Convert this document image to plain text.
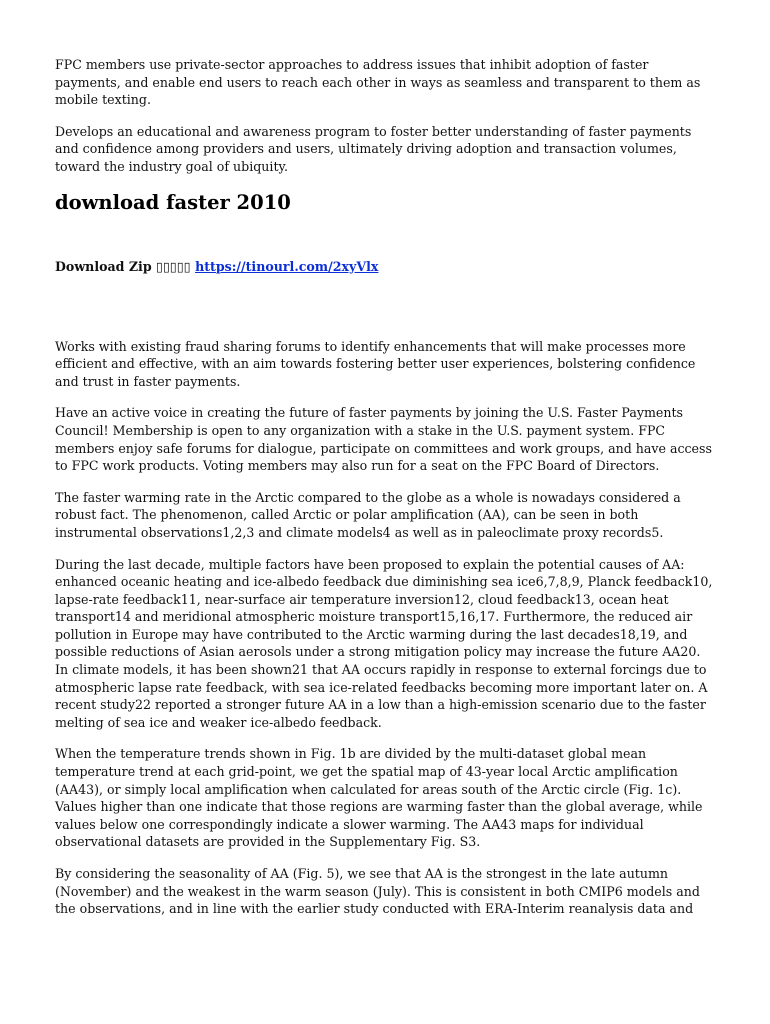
FPC members use private-sector approaches to address issues that inhibit adoption of faster payments, and enable end users to reach each other in ways as seamless and transparent to them as mobile texting.

Develops an educational and awareness program to foster better understanding of faster payments and confidence among providers and users, ultimately driving adoption and transaction volumes, toward the industry goal of ubiquity.

download faster 2010
Download Zip ▯▯▯▯▯ https://tinourl.com/2xyVlx

Works with existing fraud sharing forums to identify enhancements that will make processes more efficient and effective, with an aim towards fostering better user experiences, bolstering confidence and trust in faster payments.

Have an active voice in creating the future of faster payments by joining the U.S. Faster Payments Council! Membership is open to any organization with a stake in the U.S. payment system. FPC members enjoy safe forums for dialogue, participate on committees and work groups, and have access to FPC work products. Voting members may also run for a seat on the FPC Board of Directors.

The faster warming rate in the Arctic compared to the globe as a whole is nowadays considered a robust fact. The phenomenon, called Arctic or polar amplification (AA), can be seen in both instrumental observations1,2,3 and climate models4 as well as in paleoclimate proxy records5.

During the last decade, multiple factors have been proposed to explain the potential causes of AA: enhanced oceanic heating and ice-albedo feedback due diminishing sea ice6,7,8,9, Planck feedback10, lapse-rate feedback11, near-surface air temperature inversion12, cloud feedback13, ocean heat transport14 and meridional atmospheric moisture transport15,16,17. Furthermore, the reduced air pollution in Europe may have contributed to the Arctic warming during the last decades18,19, and possible reductions of Asian aerosols under a strong mitigation policy may increase the future AA20. In climate models, it has been shown21 that AA occurs rapidly in response to external forcings due to atmospheric lapse rate feedback, with sea ice-related feedbacks becoming more important later on. A recent study22 reported a stronger future AA in a low than a high-emission scenario due to the faster melting of sea ice and weaker ice-albedo feedback.

When the temperature trends shown in Fig. 1b are divided by the multi-dataset global mean temperature trend at each grid-point, we get the spatial map of 43-year local Arctic amplification (AA43), or simply local amplification when calculated for areas south of the Arctic circle (Fig. 1c). Values higher than one indicate that those regions are warming faster than the global average, while values below one correspondingly indicate a slower warming. The AA43 maps for individual observational datasets are provided in the Supplementary Fig. S3.

By considering the seasonality of AA (Fig. 5), we see that AA is the strongest in the late autumn (November) and the weakest in the warm season (July). This is consistent in both CMIP6 models and the observations, and in line with the earlier study conducted with ERA-Interim reanalysis data and
